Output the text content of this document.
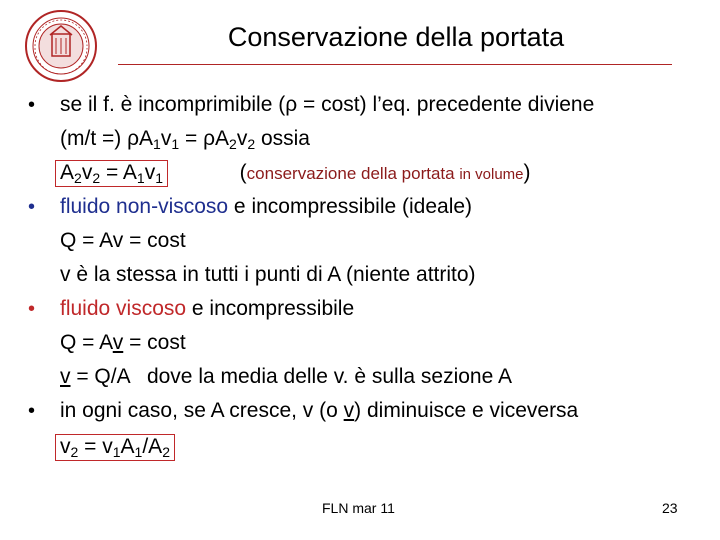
Conservazione della portata
• se il f. è incomprimibile (ρ = cost) l’eq. precedente diviene
(m/t =) $\rho A_1v_1 = \rho A_2v_2$ ossia
$A_2v_2 = A_1v_1$	(conservazione della portata in volume)
• fluido non-viscoso e incompressibile (ideale)
Q = Av = cost
v è la stessa in tutti i punti di A (niente attrito)
• fluido viscoso e incompressibile
Q = Av = cost
v = Q/A   dove la media delle v. è sulla sezione A
• in ogni caso, se A cresce, v (o v) diminuisce e viceversa
$v_2 = v_1A_1/A_2$
FLN mar 11	23
